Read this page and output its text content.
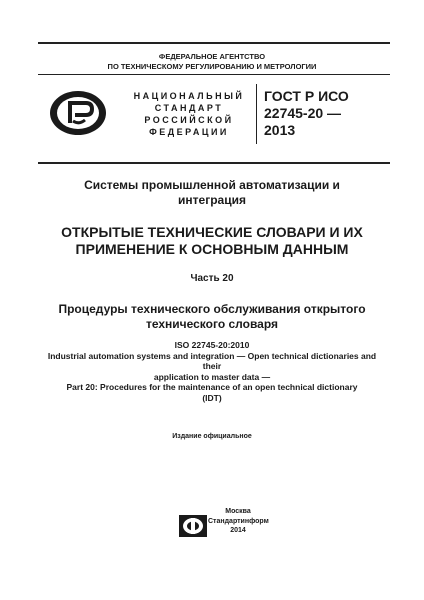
ФЕДЕРАЛЬНОЕ АГЕНТСТВО
ПО ТЕХНИЧЕСКОМУ РЕГУЛИРОВАНИЮ И МЕТРОЛОГИИ
НАЦИОНАЛЬНЫЙ
СТАНДАРТ
РОССИЙСКОЙ
ФЕДЕРАЦИИ
ГОСТ Р ИСО
22745-20 —
2013
Системы промышленной автоматизации и
интеграция
ОТКРЫТЫЕ ТЕХНИЧЕСКИЕ СЛОВАРИ И ИХ
ПРИМЕНЕНИЕ К ОСНОВНЫМ ДАННЫМ
Часть 20
Процедуры технического обслуживания открытого
технического словаря
ISO 22745-20:2010
Industrial automation systems and integration — Open technical dictionaries and
their
application to master data —
Part 20: Procedures for the maintenance of an open technical dictionary
(IDT)
Издание официальное
Москва
Стандартинформ
2014
